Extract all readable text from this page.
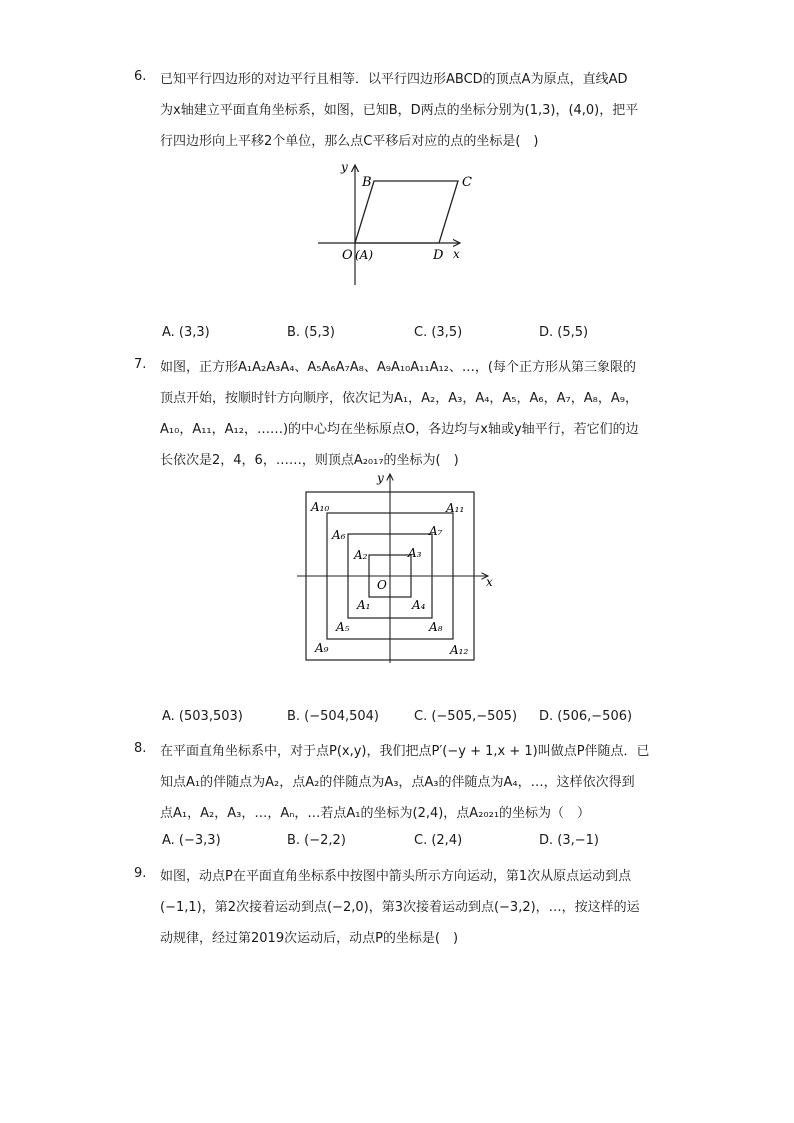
6. 已知平行四边形的对边平行且相等．以平行四边形ABCD的顶点A为原点，直线AD
为x轴建立平面直角坐标系，如图，已知B，D两点的坐标分别为(1,3)，(4,0)，把平
行四边形向上平移2个单位，那么点C平移后对应的点的坐标是(　)
y
x
B	C
O (A)	D
A. (3,3)	B. (5,3)	C. (3,5)	D. (5,5)
7. 如图，正方形A₁A₂A₃A₄、A₅A₆A₇A₈、A₉A₁₀A₁₁A₁₂、…，(每个正方形从第三象限的
顶点开始，按顺时针方向顺序，依次记为A₁，A₂，A₃，A₄，A₅，A₆，A₇，A₈，A₉，
A₁₀，A₁₁，A₁₂，……)的中心均在坐标原点O，各边均与x轴或y轴平行，若它们的边
长依次是2，4，6，……，则顶点A₂₀₁₇的坐标为(　)
y
x
O
A₁
A₂	A₃
A₄
A₅
A₆	A₇
A₈
A₉
A₁₀	A₁₁
A₁₂
A. (503,503)	B. (−504,504)	C. (−505,−505) D. (506,−506)
8. 在平面直角坐标系中，对于点P(x,y)，我们把点P′(−y + 1,x + 1)叫做点P伴随点．已
知点A₁的伴随点为A₂，点A₂的伴随点为A₃，点A₃的伴随点为A₄，…，这样依次得到
点A₁，A₂，A₃，…，Aₙ，…若点A₁的坐标为(2,4)，点A₂₀₂₁的坐标为（　）
A. (−3,3)	B. (−2,2)	C. (2,4)	D. (3,−1)
9. 如图，动点P在平面直角坐标系中按图中箭头所示方向运动，第1次从原点运动到点
(−1,1)，第2次接着运动到点(−2,0)，第3次接着运动到点(−3,2)，…，按这样的运
动规律，经过第2019次运动后，动点P的坐标是(　)
